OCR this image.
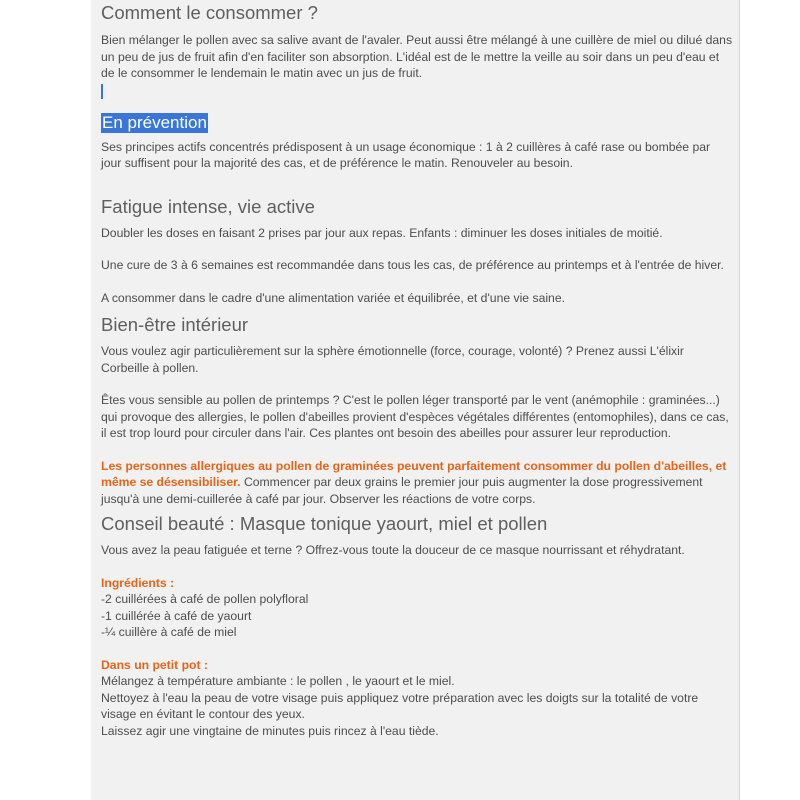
Comment le consommer ?

Bien mélanger le pollen avec sa salive avant de l'avaler. Peut aussi être mélangé à une cuillère de miel ou dilué dans un peu de jus de fruit afin d'en faciliter son absorption. L'idéal est de le mettre la veille au soir dans un peu d'eau et de le consommer le lendemain le matin avec un jus de fruit.

En prévention

Ses principes actifs concentrés prédisposent à un usage économique : 1 à 2 cuillères à café rase ou bombée par jour suffisent pour la majorité des cas, et de préférence le matin. Renouveler au besoin.

Fatigue intense, vie active

Doubler les doses en faisant 2 prises par jour aux repas. Enfants : diminuer les doses initiales de moitié.

Une cure de 3 à 6 semaines est recommandée dans tous les cas, de préférence au printemps et à l'entrée de hiver.

A consommer dans le cadre d'une alimentation variée et équilibrée, et d'une vie saine.

Bien-être intérieur

Vous voulez agir particulièrement sur la sphère émotionnelle (force, courage, volonté) ? Prenez aussi L'élixir Corbeille à pollen.

Êtes vous sensible au pollen de printemps ? C'est le pollen léger transporté par le vent (anémophile : graminées...) qui provoque des allergies, le pollen d'abeilles provient d'espèces végétales différentes (entomophiles), dans ce cas, il est trop lourd pour circuler dans l'air. Ces plantes ont besoin des abeilles pour assurer leur reproduction.

Les personnes allergiques au pollen de graminées peuvent parfaitement consommer du pollen d'abeilles, et même se désensibiliser. Commencer par deux grains le premier jour puis augmenter la dose progressivement jusqu'à une demi-cuillerée à café par jour. Observer les réactions de votre corps.

Conseil beauté : Masque tonique yaourt, miel et pollen

Vous avez la peau fatiguée et terne ? Offrez-vous toute la douceur de ce masque nourrissant et réhydratant.

Ingrédients :

-2 cuillérées à café de pollen polyfloral

-1 cuillérée à café de yaourt

-¼ cuillère à café de miel

Dans un petit pot :

Mélangez à température ambiante : le pollen , le yaourt et le miel.

Nettoyez à l'eau la peau de votre visage puis appliquez votre préparation avec les doigts sur la totalité de votre visage en évitant le contour des yeux.

Laissez agir une vingtaine de minutes puis rincez à l'eau tiède.
